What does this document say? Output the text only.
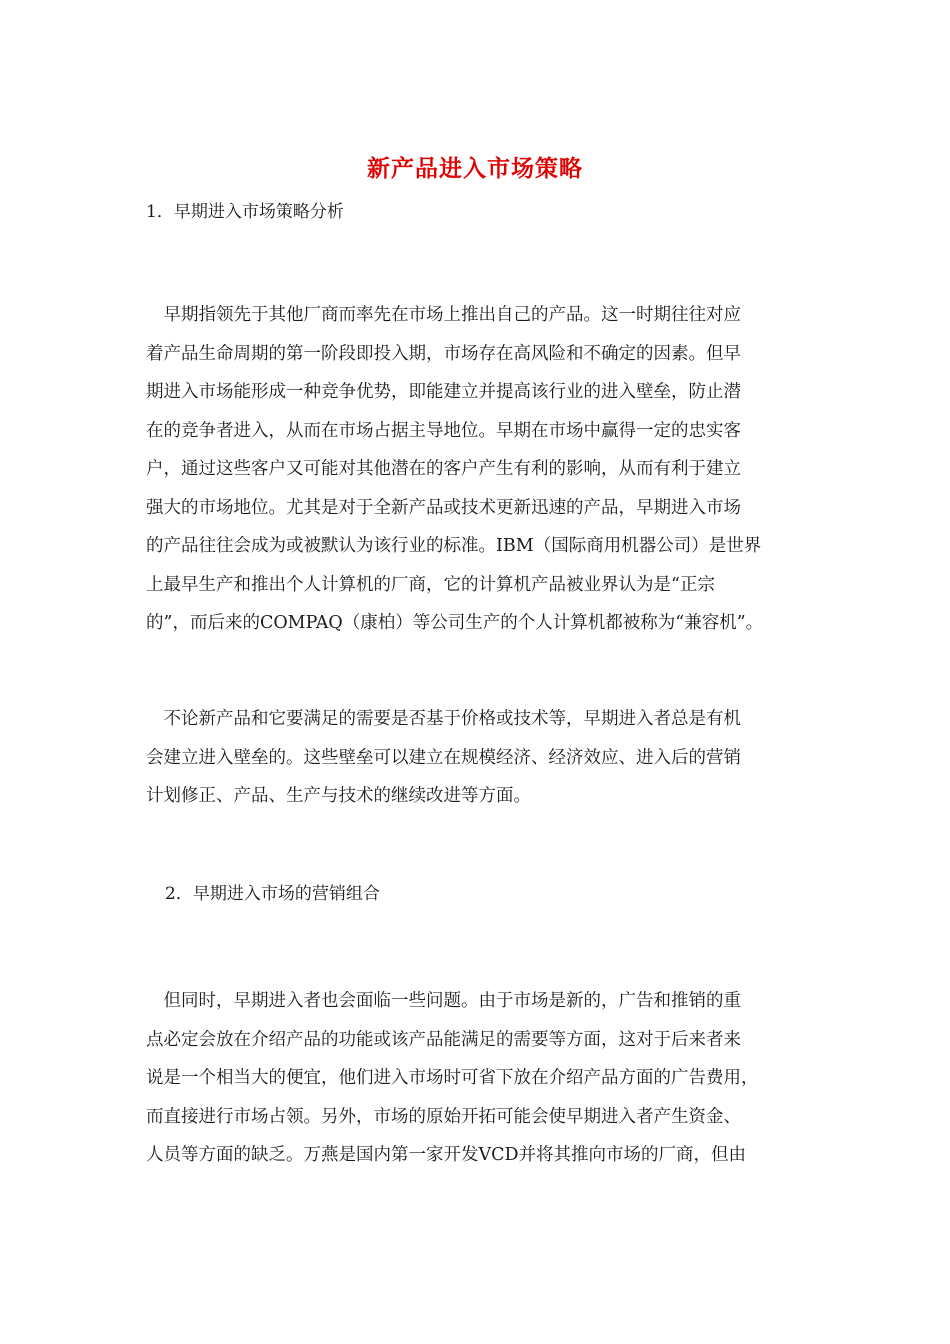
新产品进入市场策略
1．早期进入市场策略分析
　早期指领先于其他厂商而率先在市场上推出自己的产品。这一时期往往对应
着产品生命周期的第一阶段即投入期，市场存在高风险和不确定的因素。但早
期进入市场能形成一种竞争优势，即能建立并提高该行业的进入壁垒，防止潜
在的竞争者进入，从而在市场占据主导地位。早期在市场中赢得一定的忠实客
户，通过这些客户又可能对其他潜在的客户产生有利的影响，从而有利于建立
强大的市场地位。尤其是对于全新产品或技术更新迅速的产品，早期进入市场
的产品往往会成为或被默认为该行业的标准。IBM（国际商用机器公司）是世界
上最早生产和推出个人计算机的厂商，它的计算机产品被业界认为是“正宗
的”，而后来的COMPAQ（康柏）等公司生产的个人计算机都被称为“兼容机”。
　不论新产品和它要满足的需要是否基于价格或技术等，早期进入者总是有机
会建立进入壁垒的。这些壁垒可以建立在规模经济、经济效应、进入后的营销
计划修正、产品、生产与技术的继续改进等方面。
2．早期进入市场的营销组合
　但同时，早期进入者也会面临一些问题。由于市场是新的，广告和推销的重
点必定会放在介绍产品的功能或该产品能满足的需要等方面，这对于后来者来
说是一个相当大的便宜，他们进入市场时可省下放在介绍产品方面的广告费用，
而直接进行市场占领。另外，市场的原始开拓可能会使早期进入者产生资金、
人员等方面的缺乏。万燕是国内第一家开发VCD并将其推向市场的厂商，但由
